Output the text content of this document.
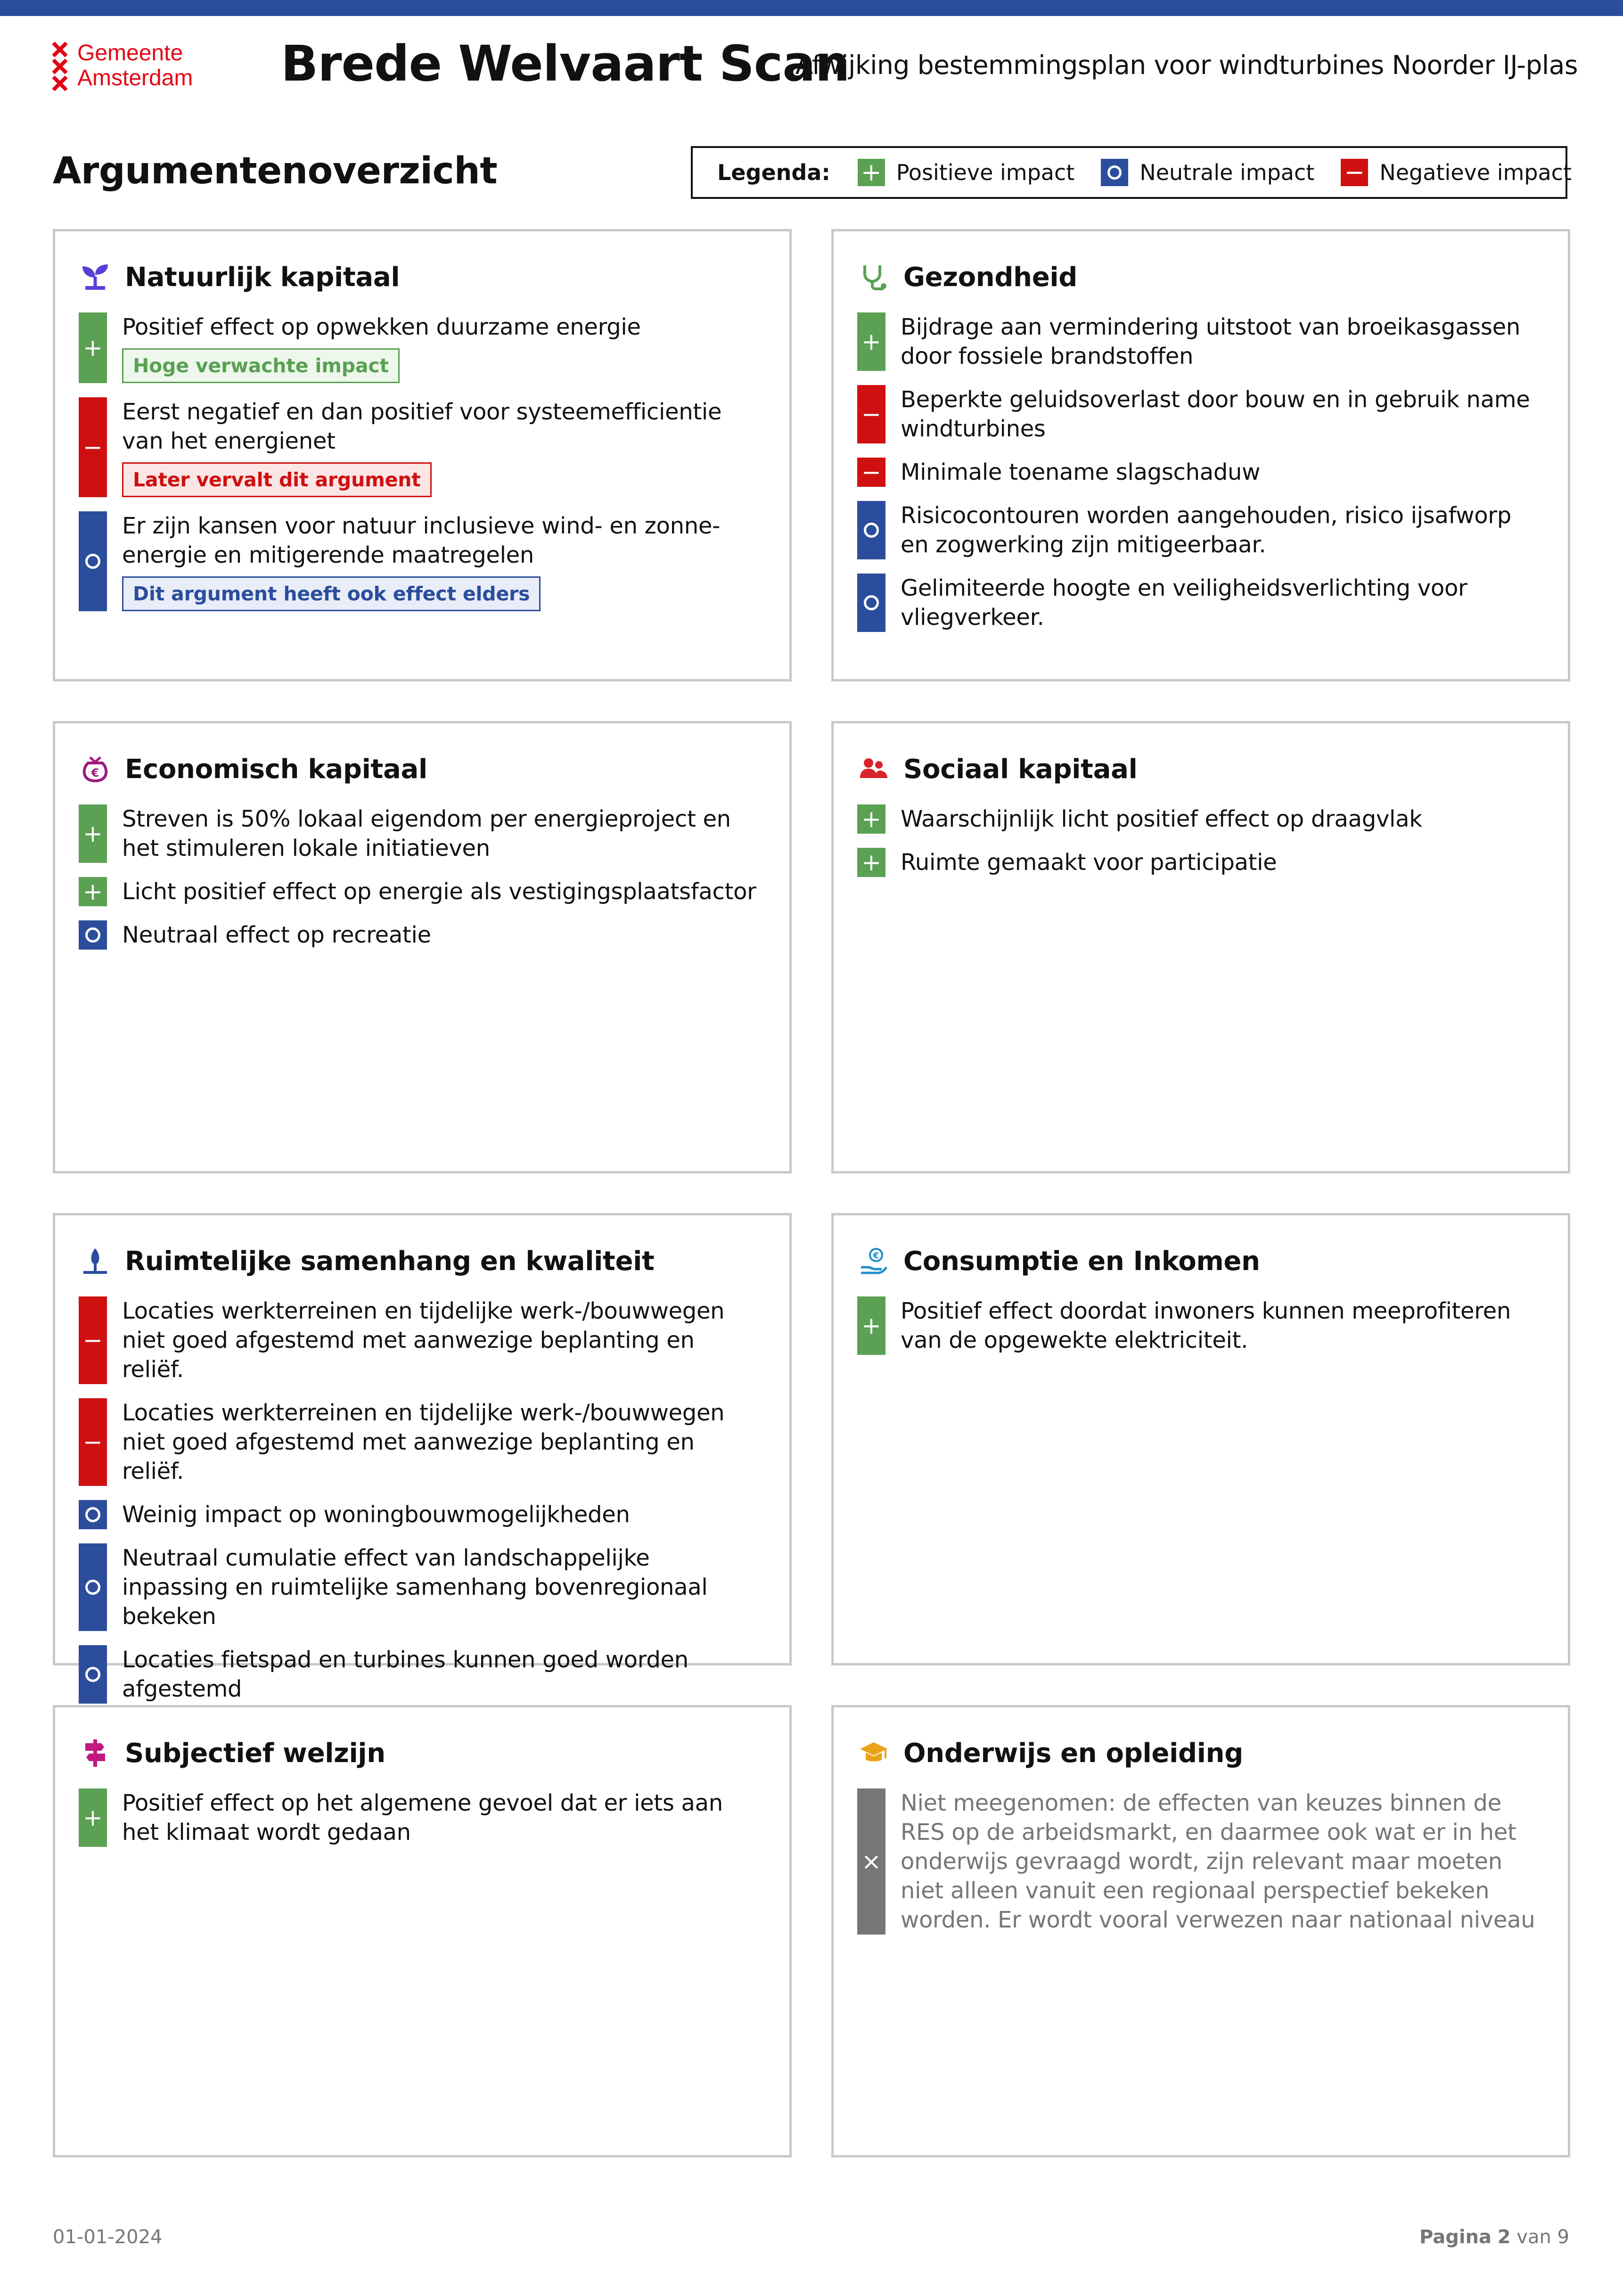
Gemeente
Amsterdam	Brede Welvaart Scan
Afwijking bestemmingsplan voor windturbines Noorder IJ-plas
Argumentenoverzicht	Legenda: + Positieve impact	Neutrale impact − Negatieve impact
Natuurlijk kapitaal
+
Positief effect op opwekken duurzame energie
Hoge verwachte impact
−
Eerst negatief en dan positief voor systeemefficientie van het energienet
Later vervalt dit argument
Er zijn kansen voor natuur inclusieve wind- en zonne-energie en mitigerende maatregelen
Dit argument heeft ook effect elders
Gezondheid
+
Bijdrage aan vermindering uitstoot van broeikasgassen door fossiele brandstoffen
−
Beperkte geluidsoverlast door bouw en in gebruik name windturbines
− Minimale toename slagschaduw
Risicocontouren worden aangehouden, risico ijsafworp en zogwerking zijn mitigeerbaar.
Gelimiteerde hoogte en veiligheidsverlichting voor vliegverkeer.
€ Economisch kapitaal
+
Streven is 50% lokaal eigendom per energieproject en het stimuleren lokale initiatieven
+ Licht positief effect op energie als vestigingsplaatsfactor
Neutraal effect op recreatie
Sociaal kapitaal
+ Waarschijnlijk licht positief effect op draagvlak
+ Ruimte gemaakt voor participatie
Ruimtelijke samenhang en kwaliteit
−
Locaties werkterreinen en tijdelijke werk-/bouwwegen niet goed afgestemd met aanwezige beplanting en reliëf.
−
Locaties werkterreinen en tijdelijke werk-/bouwwegen niet goed afgestemd met aanwezige beplanting en reliëf.
Weinig impact op woningbouwmogelijkheden
Neutraal cumulatie effect van landschappelijke inpassing en ruimtelijke samenhang bovenregionaal bekeken
Locaties fietspad en turbines kunnen goed worden afgestemd
€ Consumptie en Inkomen
+
Positief effect doordat inwoners kunnen meeprofiteren van de opgewekte elektriciteit.
Subjectief welzijn
+
Positief effect op het algemene gevoel dat er iets aan het klimaat wordt gedaan
Onderwijs en opleiding
×
Niet meegenomen: de effecten van keuzes binnen de RES op de arbeidsmarkt, en daarmee ook wat er in het onderwijs gevraagd wordt, zijn relevant maar moeten niet alleen vanuit een regionaal perspectief bekeken worden. Er wordt vooral verwezen naar nationaal niveau
01-01-2024	Pagina 2 van 9
